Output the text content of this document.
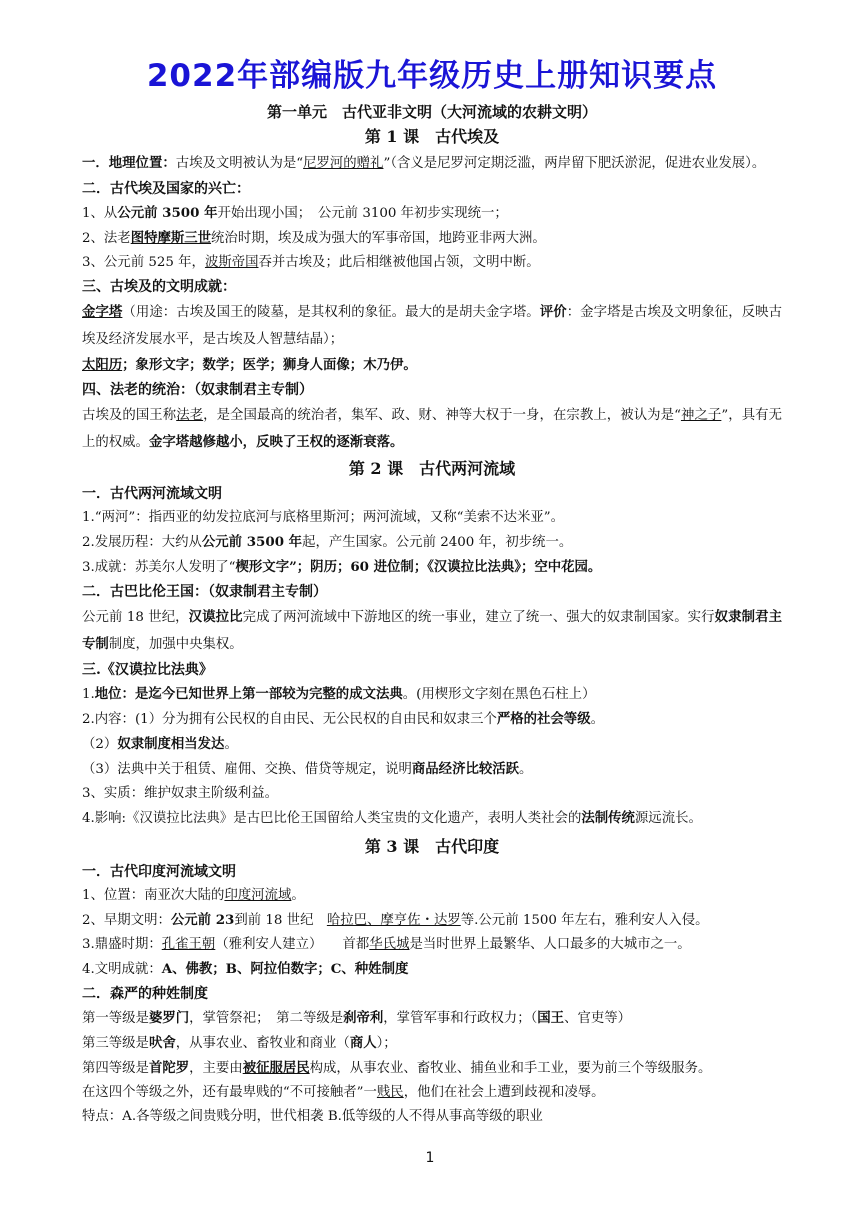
2022年部编版九年级历史上册知识要点

第一单元　古代亚非文明（大河流域的农耕文明）

第 1 课　古代埃及

一．地理位置：古埃及文明被认为是“尼罗河的赠礼”（含义是尼罗河定期泛滥，两岸留下肥沃淤泥，促进农业发展）。

二．古代埃及国家的兴亡：

1、从公元前 3500 年开始出现小国；　公元前 3100 年初步实现统一；

2、法老图特摩斯三世统治时期，埃及成为强大的军事帝国，地跨亚非两大洲。

3、公元前 525 年，波斯帝国吞并古埃及；此后相继被他国占领，文明中断。

三、古埃及的文明成就：

金字塔（用途：古埃及国王的陵墓，是其权利的象征。最大的是胡夫金字塔。评价：金字塔是古埃及文明象征，反映古埃及经济发展水平，是古埃及人智慧结晶）；

太阳历；象形文字；数学；医学；狮身人面像；木乃伊。

四、法老的统治：（奴隶制君主专制）

古埃及的国王称法老，是全国最高的统治者，集军、政、财、神等大权于一身，在宗教上，被认为是“神之子”，具有无上的权威。金字塔越修越小，反映了王权的逐渐衰落。

第 2 课　古代两河流域

一．古代两河流域文明

1.“两河”：指西亚的幼发拉底河与底格里斯河；两河流域，又称“美索不达米亚”。

2.发展历程：大约从公元前 3500 年起，产生国家。公元前 2400 年，初步统一。

3.成就：苏美尔人发明了“楔形文字”；阴历；60 进位制；《汉谟拉比法典》；空中花园。

二．古巴比伦王国：（奴隶制君主专制）

公元前 18 世纪，汉谟拉比完成了两河流域中下游地区的统一事业，建立了统一、强大的奴隶制国家。实行奴隶制君主专制制度，加强中央集权。

三.《汉谟拉比法典》

1.地位：是迄今已知世界上第一部较为完整的成文法典。(用楔形文字刻在黑色石柱上）

2.内容：(1）分为拥有公民权的自由民、无公民权的自由民和奴隶三个严格的社会等级。

（2）奴隶制度相当发达。

（3）法典中关于租赁、雇佣、交换、借贷等规定，说明商品经济比较活跃。

3、实质：维护奴隶主阶级利益。

4.影响:《汉谟拉比法典》是古巴比伦王国留给人类宝贵的文化遗产，表明人类社会的法制传统源远流长。

第 3 课　古代印度

一．古代印度河流域文明

1、位置：南亚次大陆的印度河流域。

2、早期文明：公元前 23到前 18 世纪　哈拉巴、摩亨佐・达罗等.公元前 1500 年左右，雅利安人入侵。

3.鼎盛时期：孔雀王朝（雅利安人建立）　　首都华氏城是当时世界上最繁华、人口最多的大城市之一。

4.文明成就：A、佛教；B、阿拉伯数字；C、种姓制度

二．森严的种姓制度

第一等级是婆罗门，掌管祭祀；　第二等级是刹帝利，掌管军事和行政权力；（国王、官吏等）

第三等级是吠舍，从事农业、畜牧业和商业（商人）；

第四等级是首陀罗，主要由被征服居民构成，从事农业、畜牧业、捕鱼业和手工业，要为前三个等级服务。

在这四个等级之外，还有最卑贱的“不可接触者”一贱民，他们在社会上遭到歧视和凌辱。

特点：A.各等级之间贵贱分明，世代相袭 B.低等级的人不得从事高等级的职业

1
